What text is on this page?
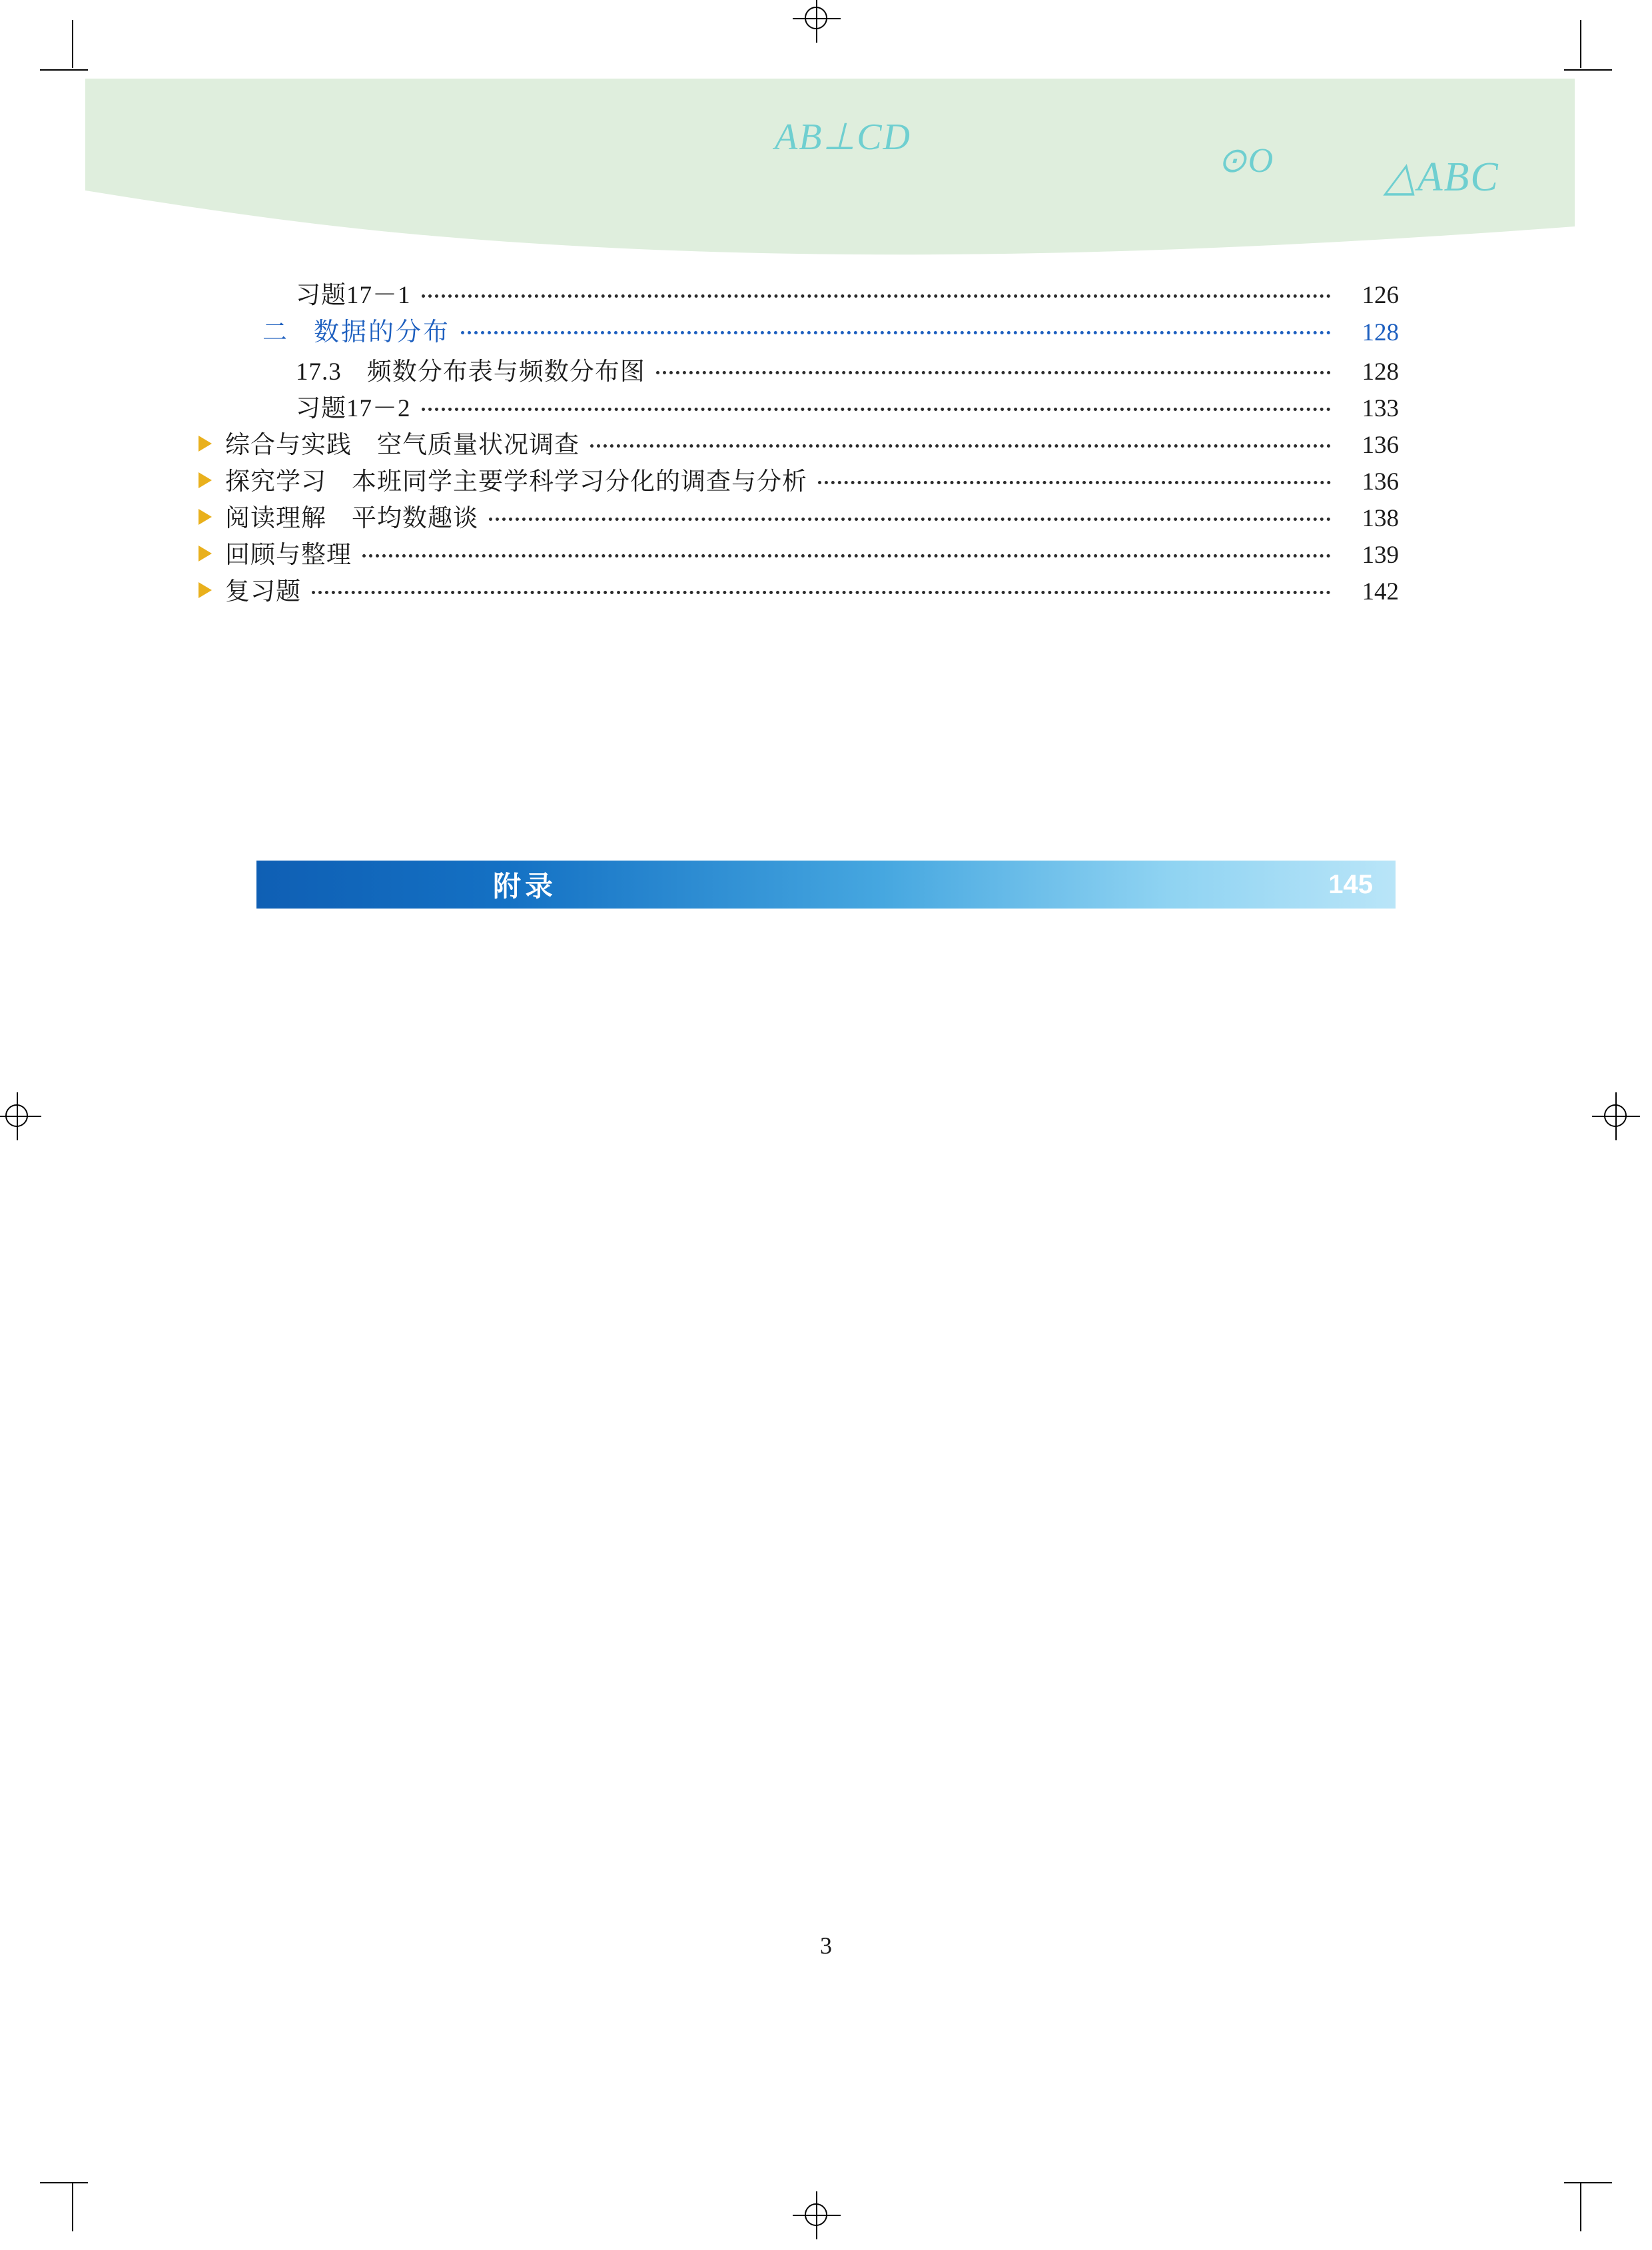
AB⊥CD
⊙O	△ABC
习题17－1	126
二 数据的分布	128
17.3　频数分布表与频数分布图	128
习题17－2	133
综合与实践　空气质量状况调查	136
探究学习　本班同学主要学科学习分化的调查与分析	136
阅读理解　平均数趣谈	138
回顾与整理	139
复习题	142
附录	145
3
